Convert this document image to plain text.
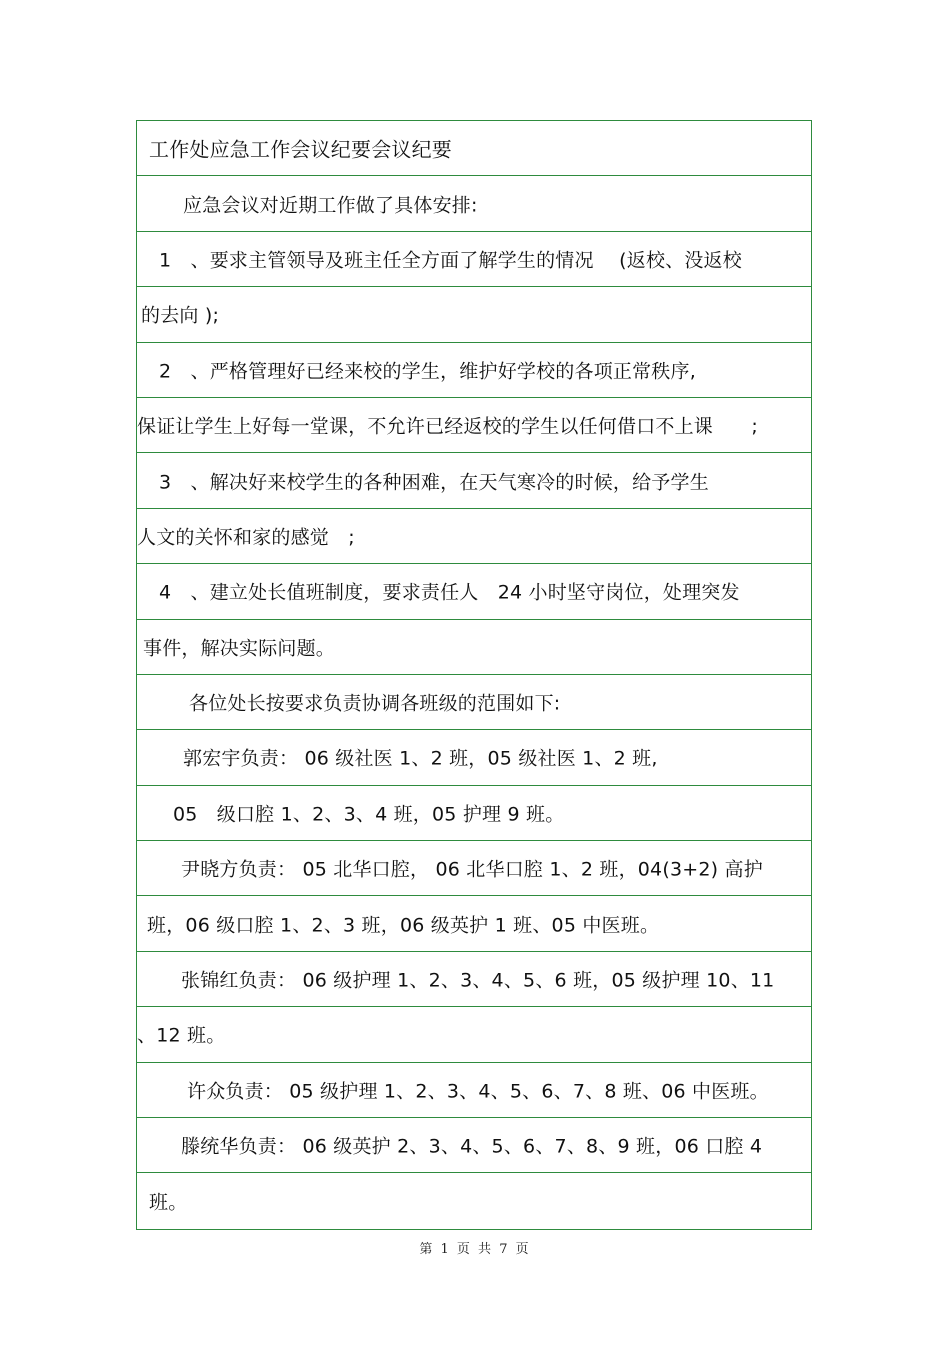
工作处应急工作会议纪要会议纪要
应急会议对近期工作做了具体安排:
1　、要求主管领导及班主任全方面了解学生的情况　 (返校、没返校
的去向 );
2　、严格管理好已经来校的学生，维护好学校的各项正常秩序,
保证让学生上好每一堂课，不允许已经返校的学生以任何借口不上课　　;
3　、解决好来校学生的各种困难，在天气寒冷的时候，给予学生
人文的关怀和家的感觉　;
4　、建立处长值班制度，要求责任人　24 小时坚守岗位，处理突发
事件，解决实际问题。
各位处长按要求负责协调各班级的范围如下:
郭宏宇负责： 06 级社医 1、2 班，05 级社医 1、2 班,
05　级口腔 1、2、3、4 班，05 护理 9 班。
尹晓方负责： 05 北华口腔， 06 北华口腔 1、2 班，04(3+2) 高护
班，06 级口腔 1、2、3 班，06 级英护 1 班、05 中医班。
张锦红负责： 06 级护理 1、2、3、4、5、6 班，05 级护理 10、11
、12 班。
许众负责： 05 级护理 1、2、3、4、5、6、7、8 班、06 中医班。
滕统华负责： 06 级英护 2、3、4、5、6、7、8、9 班，06 口腔 4
班。
第 1 页 共 7 页
